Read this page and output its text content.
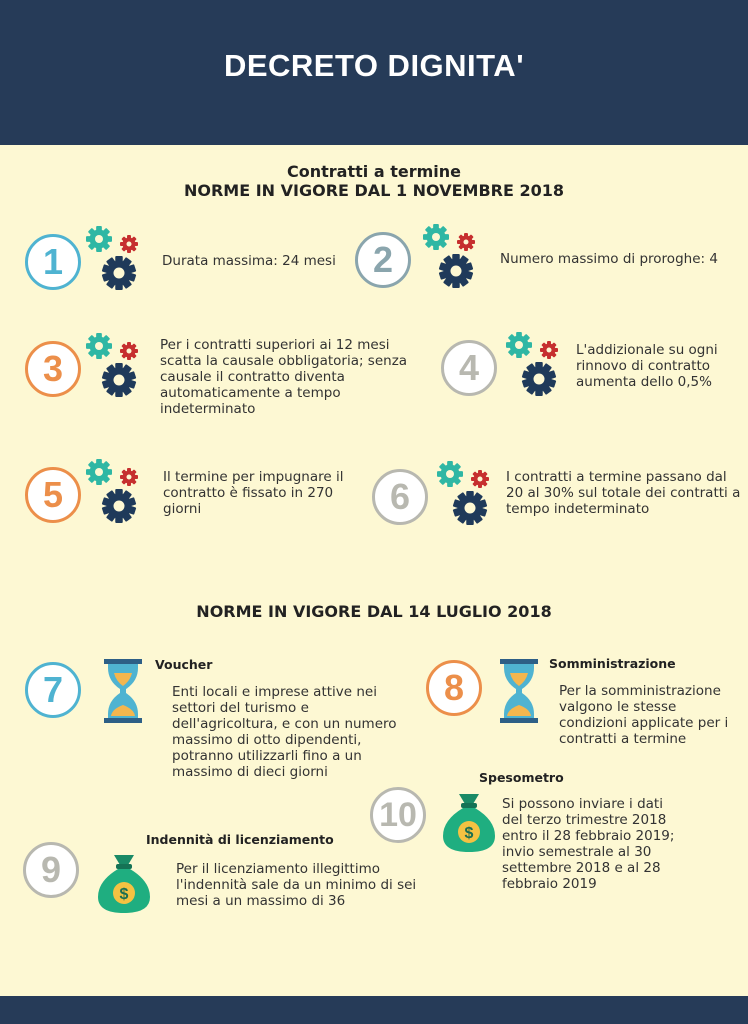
DECRETO DIGNITA'
Contratti a termine
NORME IN VIGORE DAL 1 NOVEMBRE 2018
1	Durata massima: 24 mesi	2	Numero massimo di proroghe: 4
3
Per i contratti superiori ai 12 mesi scatta la causale obbligatoria; senza causale il contratto diventa automaticamente a tempo indeterminato
4	L'addizionale su ogni rinnovo di contratto aumenta dello 0,5%
5	Il termine per impugnare il contratto è fissato in 270 giorni	6	I contratti a termine passano dal 20 al 30% sul totale dei contratti a tempo indeterminato
NORME IN VIGORE DAL 14 LUGLIO 2018
7
Voucher
Enti locali e imprese attive nei settori del turismo e dell'agricoltura, e con un numero massimo di otto dipendenti, potranno utilizzarli fino a un massimo di dieci giorni
8
Somministrazione
Per la somministrazione valgono le stesse condizioni applicate per i contratti a termine
Spesometro
10	$
Si possono inviare i dati del terzo trimestre 2018 entro il 28 febbraio 2019; invio semestrale al 30 settembre 2018 e al 28 febbraio 2019
Indennità di licenziamento
9
$
Per il licenziamento illegittimo l'indennità sale da un minimo di sei mesi a un massimo di 36
